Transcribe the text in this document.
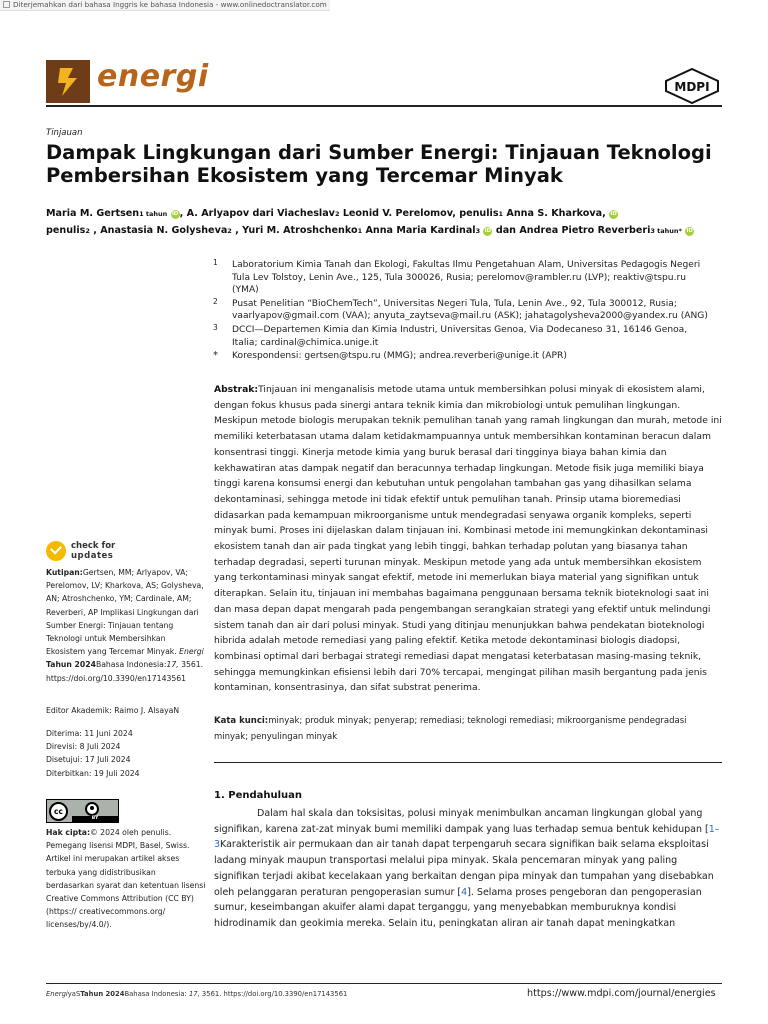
Diterjemahkan dari bahasa Inggris ke bahasa Indonesia - www.onlinedoctranslator.com
energi	MDPI
Tinjauan
Dampak Lingkungan dari Sumber Energi: Tinjauan Teknologi Pembersihan Ekosistem yang Tercemar Minyak
Maria M. Gertsen1 tahun iD, A. Arlyapov dari Viacheslav2 Leonid V. Perelomov, penulis1 Anna S. Kharkova, iD
penulis2 , Anastasia N. Golysheva2 , Yuri M. Atroshchenko1 Anna Maria Kardinal3 iD dan Andrea Pietro Reverberi3 tahun* iD
1 Laboratorium Kimia Tanah dan Ekologi, Fakultas Ilmu Pengetahuan Alam, Universitas Pedagogis Negeri Tula Lev Tolstoy, Lenin Ave., 125, Tula 300026, Rusia; perelomov@rambler.ru (LVP); reaktiv@tspu.ru (YMA)
2 Pusat Penelitian “BioChemTech”, Universitas Negeri Tula, Tula, Lenin Ave., 92, Tula 300012, Rusia; vaarlyapov@gmail.com (VAA); anyuta_zaytseva@mail.ru (ASK); jahatagolysheva2000@yandex.ru (ANG)
3 DCCI—Departemen Kimia dan Kimia Industri, Universitas Genoa, Via Dodecaneso 31, 16146 Genoa, Italia; cardinal@chimica.unige.it
* Korespondensi: gertsen@tspu.ru (MMG); andrea.reverberi@unige.it (APR)
Abstrak:Tinjauan ini menganalisis metode utama untuk membersihkan polusi minyak di ekosistem alami, dengan fokus khusus pada sinergi antara teknik kimia dan mikrobiologi untuk pemulihan lingkungan. Meskipun metode biologis merupakan teknik pemulihan tanah yang ramah lingkungan dan murah, metode ini memiliki keterbatasan utama dalam ketidakmampuannya untuk membersihkan kontaminan beracun dalam konsentrasi tinggi. Kinerja metode kimia yang buruk berasal dari tingginya biaya bahan kimia dan kekhawatiran atas dampak negatif dan beracunnya terhadap lingkungan. Metode fisik juga memiliki biaya tinggi karena konsumsi energi dan kebutuhan untuk pengolahan tambahan gas yang dihasilkan selama dekontaminasi, sehingga metode ini tidak efektif untuk pemulihan tanah. Prinsip utama bioremediasi didasarkan pada kemampuan mikroorganisme untuk mendegradasi senyawa organik kompleks, seperti minyak bumi. Proses ini dijelaskan dalam tinjauan ini. Kombinasi metode ini memungkinkan dekontaminasi ekosistem tanah dan air pada tingkat yang lebih tinggi, bahkan terhadap polutan yang biasanya tahan terhadap degradasi, seperti turunan minyak. Meskipun metode yang ada untuk membersihkan ekosistem yang terkontaminasi minyak sangat efektif, metode ini memerlukan biaya material yang signifikan untuk diterapkan. Selain itu, tinjauan ini membahas bagaimana penggunaan bersama teknik bioteknologi saat ini dan masa depan dapat mengarah pada pengembangan serangkaian strategi yang efektif untuk melindungi sistem tanah dan air dari polusi minyak. Studi yang ditinjau menunjukkan bahwa pendekatan bioteknologi hibrida adalah metode remediasi yang paling efektif. Ketika metode dekontaminasi biologis diadopsi, kombinasi optimal dari berbagai strategi remediasi dapat mengatasi keterbatasan masing-masing teknik, sehingga memungkinkan efisiensi lebih dari 70% tercapai, mengingat pilihan masih bergantung pada jenis kontaminan, konsentrasinya, dan sifat substrat penerima.
Kata kunci:minyak; produk minyak; penyerap; remediasi; teknologi remediasi; mikroorganisme pendegradasi minyak; penyulingan minyak
1. Pendahuluan

Dalam hal skala dan toksisitas, polusi minyak menimbulkan ancaman lingkungan global yang signifikan, karena zat-zat minyak bumi memiliki dampak yang luas terhadap semua bentuk kehidupan [1–3Karakteristik air permukaan dan air tanah dapat terpengaruh secara signifikan baik selama eksploitasi ladang minyak maupun transportasi melalui pipa minyak. Skala pencemaran minyak yang paling signifikan terjadi akibat kecelakaan yang berkaitan dengan pipa minyak dan tumpahan yang disebabkan oleh pelanggaran peraturan pengoperasian sumur [4]. Selama proses pengeboran dan pengoperasian sumur, keseimbangan akuifer alami dapat terganggu, yang menyebabkan memburuknya kondisi hidrodinamik dan geokimia mereka. Selain itu, peningkatan aliran air tanah dapat meningkatkan

check for
updates
Kutipan:Gertsen, MM; Arlyapov, VA; Perelomov, LV; Kharkova, AS; Golysheva, AN; Atroshchenko, YM; Cardinale, AM; Reverberi, AP Implikasi Lingkungan dari Sumber Energi: Tinjauan tentang Teknologi untuk Membersihkan Ekosistem yang Tercemar Minyak. Energi
Tahun 2024Bahasa Indonesia:17, 3561. https://doi.org/10.3390/en17143561
Editor Akademik: Raimo J. AlsayaN
Diterima: 11 Juni 2024
Direvisi: 8 Juli 2024
Disetujui: 17 Juli 2024
Diterbitkan: 19 Juli 2024
cc
BY
Hak cipta:© 2024 oleh penulis. Pemegang lisensi MDPI, Basel, Swiss. Artikel ini merupakan artikel akses terbuka yang didistribusikan berdasarkan syarat dan ketentuan lisensi Creative Commons Attribution (CC BY) (https:// creativecommons.org/ licenses/by/4.0/).
EnergiyaSTahun 2024Bahasa Indonesia: 17, 3561. https://doi.org/10.3390/en17143561	https://www.mdpi.com/journal/energies
